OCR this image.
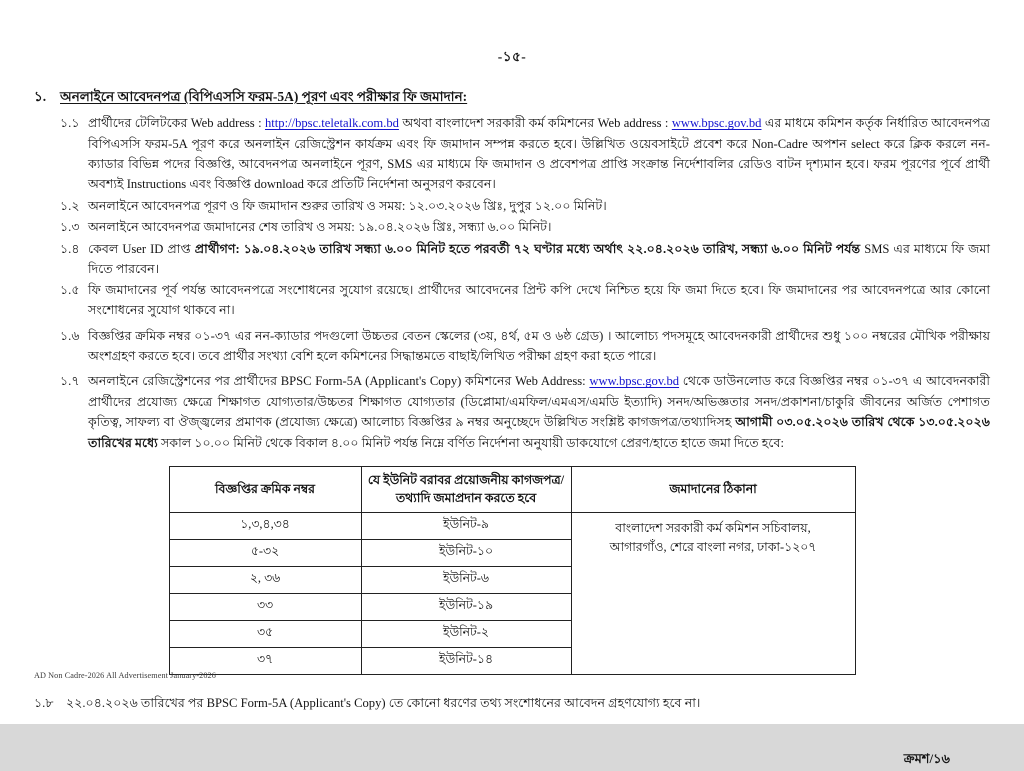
-১৫-
১.	অনলাইনে আবেদনপত্র (বিপিএসসি ফরম-5A) পূরণ এবং পরীক্ষার ফি জমাদান:
১.১ প্রার্থীদের টেলিটকের Web address : http://bpsc.teletalk.com.bd অথবা বাংলাদেশ সরকারী কর্ম কমিশনের Web address : www.bpsc.gov.bd এর মাধমে কমিশন কর্তৃক নির্ধারিত আবেদনপত্র বিপিএসসি ফরম-5A পূরণ করে অনলাইন রেজিস্ট্রেশন কার্যক্রম এবং ফি জমাদান সম্পন্ন করতে হবে। উল্লিখিত ওয়েবসাইটে প্রবেশ করে Non-Cadre অপশন select করে ক্লিক করলে নন-ক্যাডার বিভিন্ন পদের বিজ্ঞপ্তি, আবেদনপত্র অনলাইনে পূরণ, SMS এর মাধ্যমে ফি জমাদান ও প্রবেশপত্র প্রাপ্তি সংক্রান্ত নির্দেশাবলির রেডিও বাটন দৃশ্যমান হবে। ফরম পূরণের পূর্বে প্রার্থী অবশ্যই Instructions এবং বিজ্ঞপ্তি download করে প্রতিটি নির্দেশনা অনুসরণ করবেন।
১.২ অনলাইনে আবেদনপত্র পূরণ ও ফি জমাদান শুরুর তারিখ ও সময়: ১২.০৩.২০২৬ খ্রিঃ, দুপুর ১২.০০ মিনিট।
১.৩ অনলাইনে আবেদনপত্র জমাদানের শেষ তারিখ ও সময়: ১৯.০৪.২০২৬ খ্রিঃ, সন্ধ্যা ৬.০০ মিনিট।
১.৪ কেবল User ID প্রাপ্ত প্রার্থীগণ: ১৯.০৪.২০২৬ তারিখ সন্ধ্যা ৬.০০ মিনিট হতে পরবর্তী ৭২ ঘণ্টার মধ্যে অর্থাৎ ২২.০৪.২০২৬ তারিখ, সন্ধ্যা ৬.০০ মিনিট পর্যন্ত SMS এর মাধ্যমে ফি জমা দিতে পারবেন।
১.৫ ফি জমাদানের পূর্ব পর্যন্ত আবেদনপত্রে সংশোধনের সুযোগ রয়েছে। প্রার্থীদের আবেদনের প্রিন্ট কপি দেখে নিশ্চিত হয়ে ফি জমা দিতে হবে। ফি জমাদানের পর আবেদনপত্রে আর কোনো সংশোধনের সুযোগ থাকবে না।
১.৬ বিজ্ঞপ্তির ক্রমিক নম্বর ০১-৩৭ এর নন-ক্যাডার পদগুলো উচ্চতর বেতন স্কেলের (৩য়, ৪র্থ, ৫ম ও ৬ষ্ঠ গ্রেড) । আলোচ্য পদসমূহে আবেদনকারী প্রার্থীদের শুধু ১০০ নম্বরের মৌখিক পরীক্ষায় অংশগ্রহণ করতে হবে। তবে প্রার্থীর সংখ্যা বেশি হলে কমিশনের সিদ্ধান্তমতে বাছাই/লিখিত পরীক্ষা গ্রহণ করা হতে পারে।
১.৭ অনলাইনে রেজিস্ট্রেশনের পর প্রার্থীদের BPSC Form-5A (Applicant's Copy) কমিশনের Web Address: www.bpsc.gov.bd থেকে ডাউনলোড করে বিজ্ঞপ্তির নম্বর ০১-৩৭ এ আবেদনকারী প্রার্থীদের প্রযোজ্য ক্ষেত্রে শিক্ষাগত যোগ্যতার/উচ্চতর শিক্ষাগত যোগ্যতার (ডিপ্লোমা/এমফিল/এমএস/এমডি ইত্যাদি) সনদ/অভিজ্ঞতার সনদ/প্রকাশনা/চাকুরি জীবনের অর্জিত পেশাগত কৃতিত্ব, সাফল্য বা ঔজ্জ্বলের প্রমাণক (প্রযোজ্য ক্ষেত্রে) আলোচ্য বিজ্ঞপ্তির ৯ নম্বর অনুচ্ছেদে উল্লিখিত সংশ্লিষ্ট কাগজপত্র/তথ্যাদিসহ আগামী ০৩.০৫.২০২৬ তারিখ থেকে ১৩.০৫.২০২৬ তারিখের মধ্যে সকাল ১০.০০ মিনিট থেকে বিকাল ৪.০০ মিনিট পর্যন্ত নিম্নে বর্ণিত নির্দেশনা অনুযায়ী ডাকযোগে প্রেরণ/হাতে হাতে জমা দিতে হবে:
বিজ্ঞপ্তির ক্রমিক নম্বর	যে ইউনিট বরাবর প্রয়োজনীয় কাগজপত্র/তথ্যাদি জমাপ্রদান করতে হবে	জমাদানের ঠিকানা
১,৩,৪,৩৪	ইউনিট-৯	বাংলাদেশ সরকারী কর্ম কমিশন সচিবালয়, আগারগাঁও, শেরে বাংলা নগর, ঢাকা-১২০৭
৫-৩২	ইউনিট-১০	
২, ৩৬	ইউনিট-৬	
৩৩	ইউনিট-১৯	
৩৫	ইউনিট-২	
৩৭	ইউনিট-১৪	
১.৮ ২২.০৪.২০২৬ তারিখের পর BPSC Form-5A (Applicant's Copy) তে কোনো ধরণের তথ্য সংশোধনের আবেদন গ্রহণযোগ্য হবে না।
ক্রমশ/১৬
AD Non Cadre-2026 All Advertisement January-2026
